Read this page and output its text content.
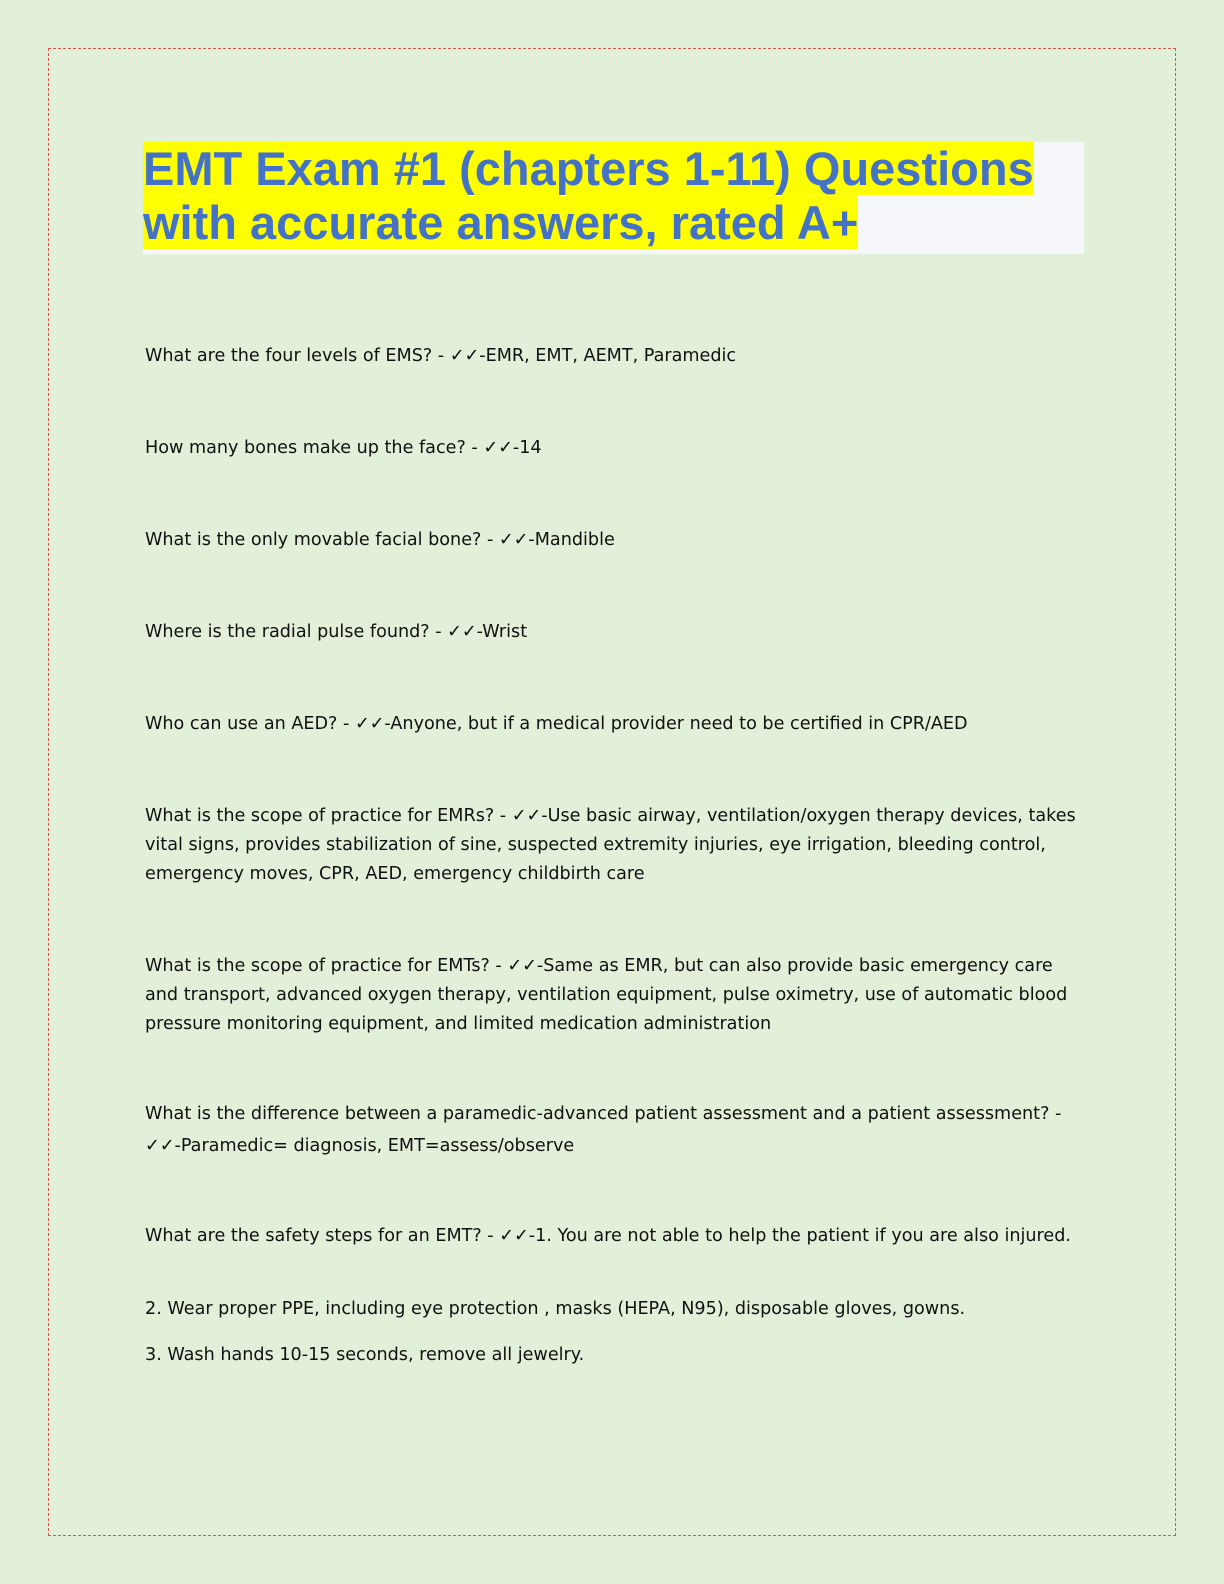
EMT Exam #1 (chapters 1-11) Questions with accurate answers, rated A+

What are the four levels of EMS? - ✓✓-EMR, EMT, AEMT, Paramedic

How many bones make up the face? - ✓✓-14

What is the only movable facial bone? - ✓✓-Mandible

Where is the radial pulse found? - ✓✓-Wrist

Who can use an AED? - ✓✓-Anyone, but if a medical provider need to be certified in CPR/AED

What is the scope of practice for EMRs? - ✓✓-Use basic airway, ventilation/oxygen therapy devices, takes vital signs, provides stabilization of sine, suspected extremity injuries, eye irrigation, bleeding control, emergency moves, CPR, AED, emergency childbirth care

What is the scope of practice for EMTs? - ✓✓-Same as EMR, but can also provide basic emergency care and transport, advanced oxygen therapy, ventilation equipment, pulse oximetry, use of automatic blood pressure monitoring equipment, and limited medication administration

What is the difference between a paramedic-advanced patient assessment and a patient assessment? - ✓✓-Paramedic= diagnosis, EMT=assess/observe

What are the safety steps for an EMT? - ✓✓-1. You are not able to help the patient if you are also injured.

2. Wear proper PPE, including eye protection , masks (HEPA, N95), disposable gloves, gowns.

3. Wash hands 10-15 seconds, remove all jewelry.
